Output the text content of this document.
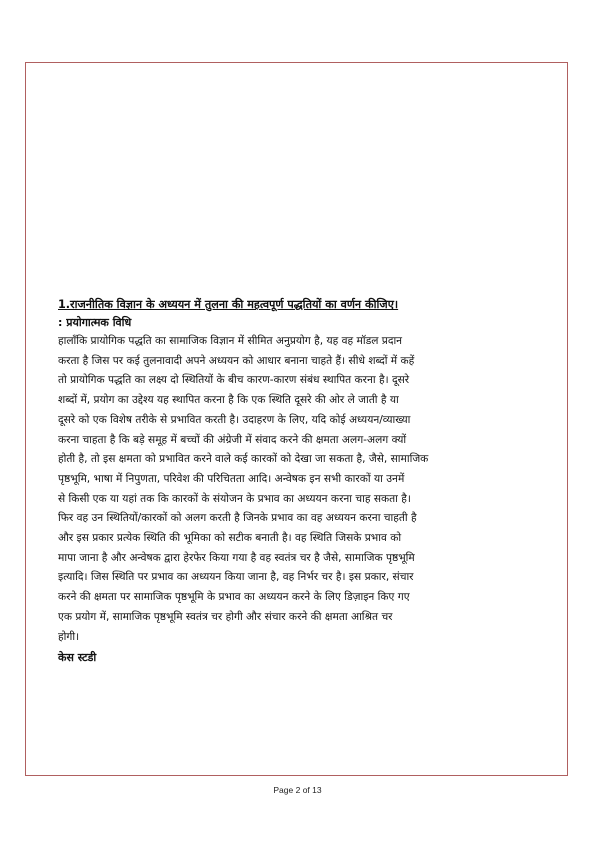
1.राजनीतिक विज्ञान के अध्ययन में तुलना की महत्वपूर्ण पद्धतियों का वर्णन कीजिए।
: प्रयोगात्मक विधि
हालाँकि प्रायोगिक पद्धति का सामाजिक विज्ञान में सीमित अनुप्रयोग है, यह वह मॉडल प्रदान
करता है जिस पर कई तुलनावादी अपने अध्ययन को आधार बनाना चाहते हैं। सीधे शब्दों में कहें
तो प्रायोगिक पद्धति का लक्ष्य दो स्थितियों के बीच कारण-कारण संबंध स्थापित करना है। दूसरे
शब्दों में, प्रयोग का उद्देश्य यह स्थापित करना है कि एक स्थिति दूसरे की ओर ले जाती है या
दूसरे को एक विशेष तरीके से प्रभावित करती है। उदाहरण के लिए, यदि कोई अध्ययन/व्याख्या
करना चाहता है कि बड़े समूह में बच्चों की अंग्रेजी में संवाद करने की क्षमता अलग-अलग क्यों
होती है, तो इस क्षमता को प्रभावित करने वाले कई कारकों को देखा जा सकता है, जैसे, सामाजिक
पृष्ठभूमि, भाषा में निपुणता, परिवेश की परिचितता आदि। अन्वेषक इन सभी कारकों या उनमें
से किसी एक या यहां तक कि कारकों के संयोजन के प्रभाव का अध्ययन करना चाह सकता है।
फिर वह उन स्थितियों/कारकों को अलग करती है जिनके प्रभाव का वह अध्ययन करना चाहती है
और इस प्रकार प्रत्येक स्थिति की भूमिका को सटीक बनाती है। वह स्थिति जिसके प्रभाव को
मापा जाना है और अन्वेषक द्वारा हेरफेर किया गया है वह स्वतंत्र चर है जैसे, सामाजिक पृष्ठभूमि
इत्यादि। जिस स्थिति पर प्रभाव का अध्ययन किया जाना है, वह निर्भर चर है। इस प्रकार, संचार
करने की क्षमता पर सामाजिक पृष्ठभूमि के प्रभाव का अध्ययन करने के लिए डिज़ाइन किए गए
एक प्रयोग में, सामाजिक पृष्ठभूमि स्वतंत्र चर होगी और संचार करने की क्षमता आश्रित चर
होगी।
केस स्टडी
Page 2 of 13
